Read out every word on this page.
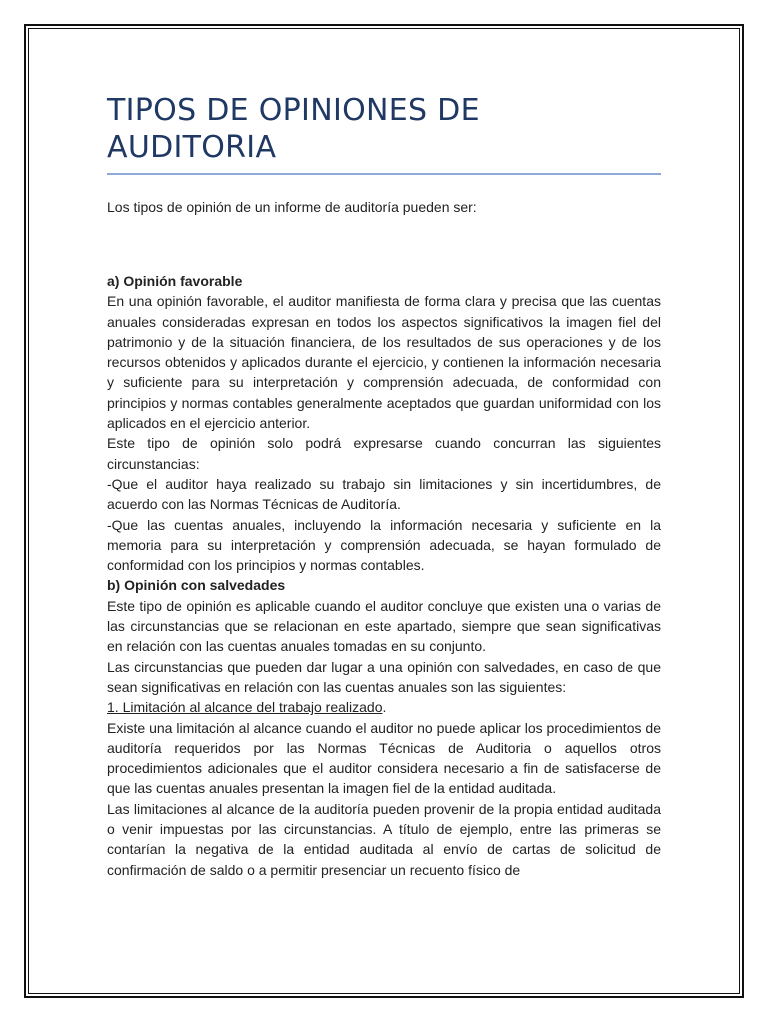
TIPOS DE OPINIONES DE
AUDITORIA
Los tipos de opinión de un informe de auditoría pueden ser:

a) Opinión favorable

En una opinión favorable, el auditor manifiesta de forma clara y precisa que las cuentas anuales consideradas expresan en todos los aspectos significativos la imagen fiel del patrimonio y de la situación financiera, de los resultados de sus operaciones y de los recursos obtenidos y aplicados durante el ejercicio, y contienen la información necesaria y suficiente para su interpretación y comprensión adecuada, de conformidad con principios y normas contables generalmente aceptados que guardan uniformidad con los aplicados en el ejercicio anterior.

Este tipo de opinión solo podrá expresarse cuando concurran las siguientes circunstancias:

-Que el auditor haya realizado su trabajo sin limitaciones y sin incertidumbres, de acuerdo con las Normas Técnicas de Auditoría.

-Que las cuentas anuales, incluyendo la información necesaria y suficiente en la memoria para su interpretación y comprensión adecuada, se hayan formulado de conformidad con los principios y normas contables.

b) Opinión con salvedades

Este tipo de opinión es aplicable cuando el auditor concluye que existen una o varias de las circunstancias que se relacionan en este apartado, siempre que sean significativas en relación con las cuentas anuales tomadas en su conjunto.

Las circunstancias que pueden dar lugar a una opinión con salvedades, en caso de que sean significativas en relación con las cuentas anuales son las siguientes:

1. Limitación al alcance del trabajo realizado.

Existe una limitación al alcance cuando el auditor no puede aplicar los procedimientos de auditoría requeridos por las Normas Técnicas de Auditoria o aquellos otros procedimientos adicionales que el auditor considera necesario a fin de satisfacerse de que las cuentas anuales presentan la imagen fiel de la entidad auditada.

Las limitaciones al alcance de la auditoría pueden provenir de la propia entidad auditada o venir impuestas por las circunstancias. A título de ejemplo, entre las primeras se contarían la negativa de la entidad auditada al envío de cartas de solicitud de confirmación de saldo o a permitir presenciar un recuento físico de
